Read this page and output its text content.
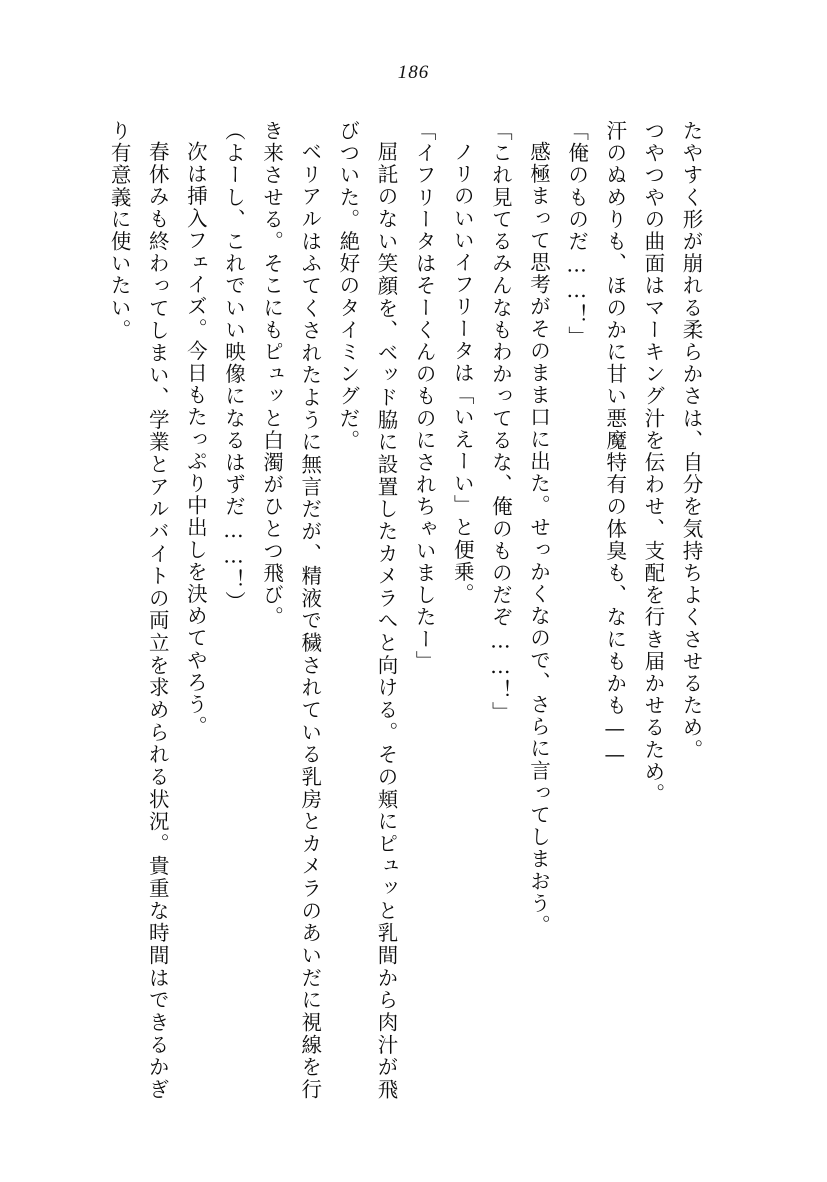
186

たやすく形が崩れる柔らかさは、自分を気持ちよくさせるため。

つやつやの曲面はマーキング汁を伝わせ、支配を行き届かせるため。

汗のぬめりも、ほのかに甘い悪魔特有の体臭も、なにもかも——

「俺のものだ……！」

感極まって思考がそのまま口に出た。せっかくなので、さらに言ってしまおう。

「これ見てるみんなもわかってるな、俺のものだぞ……！」

ノリのいいイフリータは「いえーい」と便乗。

「イフリータはそーくんのものにされちゃいましたー」

屈託のない笑顔を、ベッド脇に設置したカメラへと向ける。その頬にピュッと乳間から肉汁が飛びついた。絶好のタイミングだ。

ベリアルはふてくされたように無言だが、精液で穢されている乳房とカメラのあいだに視線を行き来させる。そこにもピュッと白濁がひとつ飛び。

（よーし、これでいい映像になるはずだ……！）

次は挿入フェイズ。今日もたっぷり中出しを決めてやろう。

春休みも終わってしまい、学業とアルバイトの両立を求められる状況。貴重な時間はできるかぎり有意義に使いたい。
